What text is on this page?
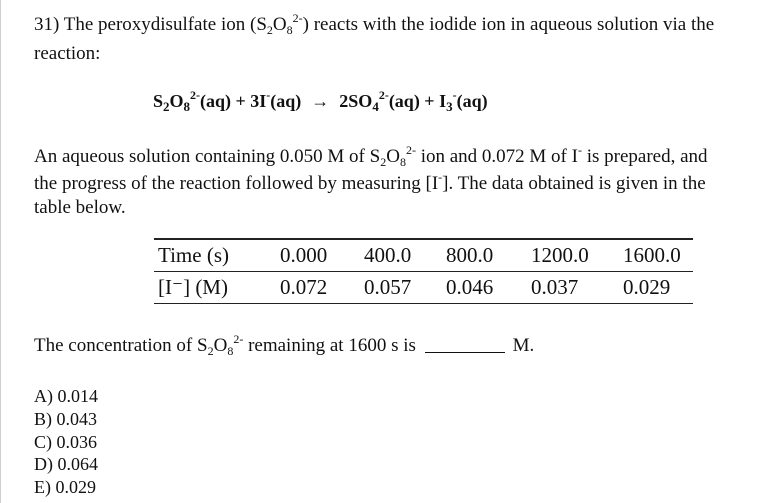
31) The peroxydisulfate ion $(S_2O_8^{2-})$ reacts with the iodide ion in aqueous solution via the
reaction:
$S_2O_8^{2-}(aq) + 3I^-(aq) \to 2SO_4^{2-}(aq) + I_3^-(aq)$
An aqueous solution containing 0.050 M of $S_2O_8^{2-}$ ion and 0.072 M of I- is prepared, and
the progress of the reaction followed by measuring [I-]. The data obtained is given in the
table below.
Time (s)	0.000	400.0	800.0	1200.0	1600.0
[I⁻] (M)	0.072	0.057	0.046	0.037	0.029
The concentration of $S_2O_8^{2-}$ remaining at 1600 s is	M.
A) 0.014
B) 0.043
C) 0.036
D) 0.064
E) 0.029
